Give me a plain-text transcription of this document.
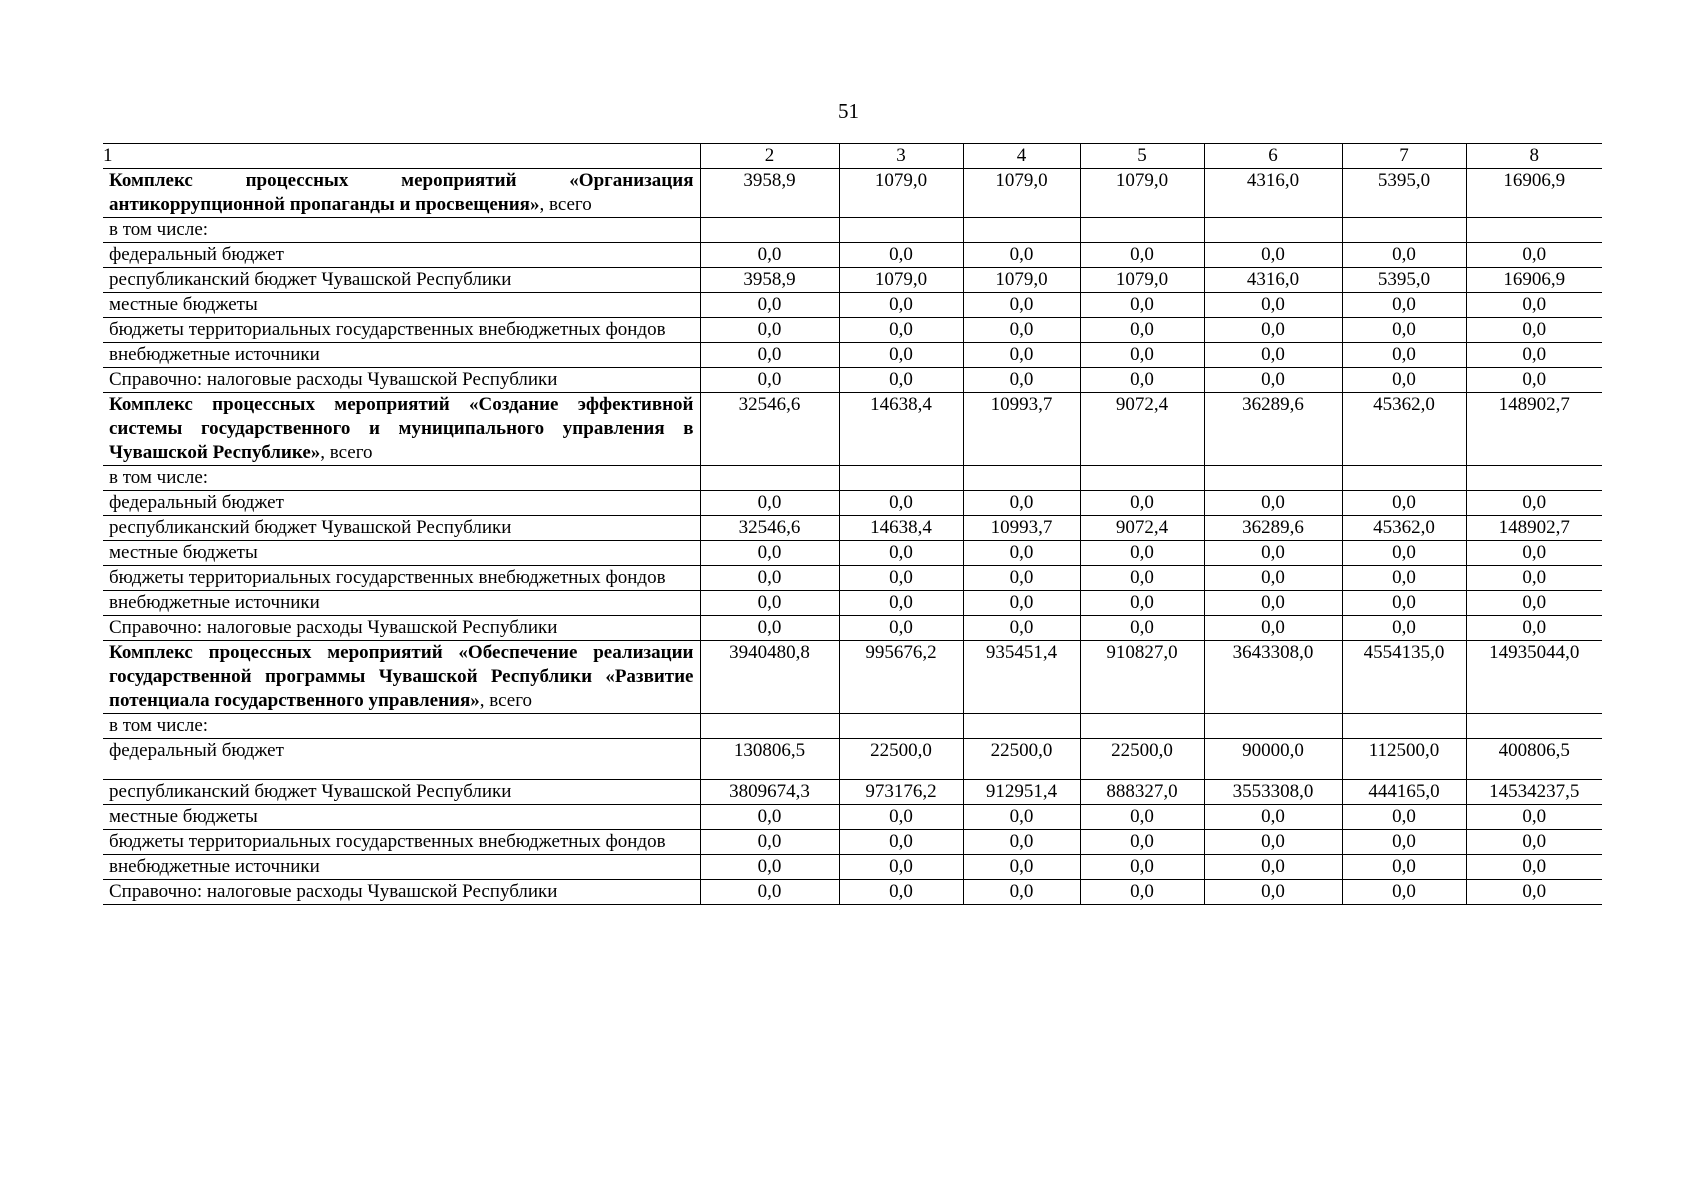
51
1	2	3	4	5	6	7	8
Комплекс процессных мероприятий «Организация антикоррупционной пропаганды и просвещения», всего	3958,9	1079,0	1079,0	1079,0	4316,0	5395,0	16906,9
в том числе:							
федеральный бюджет	0,0	0,0	0,0	0,0	0,0	0,0	0,0
республиканский бюджет Чувашской Республики	3958,9	1079,0	1079,0	1079,0	4316,0	5395,0	16906,9
местные бюджеты	0,0	0,0	0,0	0,0	0,0	0,0	0,0
бюджеты территориальных государственных внебюджетных фондов	0,0	0,0	0,0	0,0	0,0	0,0	0,0
внебюджетные источники	0,0	0,0	0,0	0,0	0,0	0,0	0,0
Справочно: налоговые расходы Чувашской Республики	0,0	0,0	0,0	0,0	0,0	0,0	0,0
Комплекс процессных мероприятий «Создание эффективной системы государственного и муниципального управления в Чувашской Республике», всего	32546,6	14638,4	10993,7	9072,4	36289,6	45362,0	148902,7
в том числе:							
федеральный бюджет	0,0	0,0	0,0	0,0	0,0	0,0	0,0
республиканский бюджет Чувашской Республики	32546,6	14638,4	10993,7	9072,4	36289,6	45362,0	148902,7
местные бюджеты	0,0	0,0	0,0	0,0	0,0	0,0	0,0
бюджеты территориальных государственных внебюджетных фондов	0,0	0,0	0,0	0,0	0,0	0,0	0,0
внебюджетные источники	0,0	0,0	0,0	0,0	0,0	0,0	0,0
Справочно: налоговые расходы Чувашской Республики	0,0	0,0	0,0	0,0	0,0	0,0	0,0
Комплекс процессных мероприятий «Обеспечение реализации государственной программы Чувашской Республики «Развитие потенциала государственного управления», всего	3940480,8	995676,2	935451,4	910827,0	3643308,0	4554135,0	14935044,0
в том числе:							
федеральный бюджет	130806,5	22500,0	22500,0	22500,0	90000,0	112500,0	400806,5
республиканский бюджет Чувашской Республики	3809674,3	973176,2	912951,4	888327,0	3553308,0	444165,0	14534237,5
местные бюджеты	0,0	0,0	0,0	0,0	0,0	0,0	0,0
бюджеты территориальных государственных внебюджетных фондов	0,0	0,0	0,0	0,0	0,0	0,0	0,0
внебюджетные источники	0,0	0,0	0,0	0,0	0,0	0,0	0,0
Справочно: налоговые расходы Чувашской Республики	0,0	0,0	0,0	0,0	0,0	0,0	0,0
